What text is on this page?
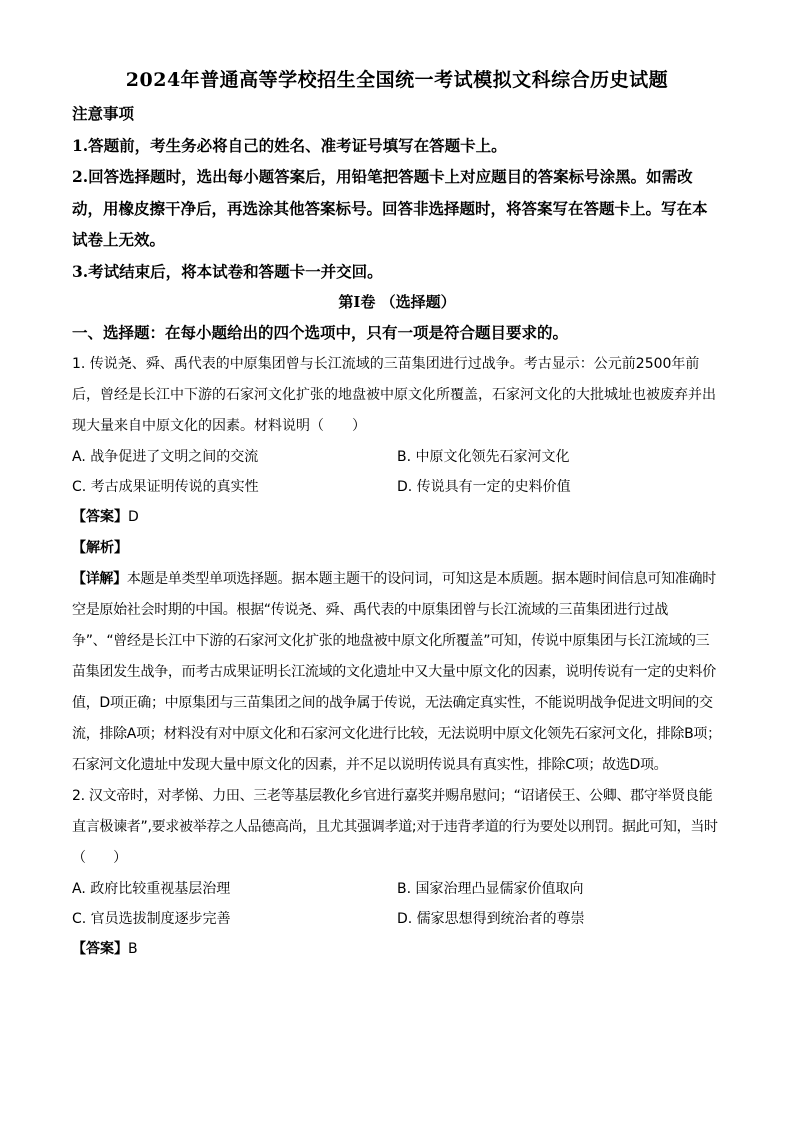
2024年普通高等学校招生全国统一考试模拟文科综合历史试题
注意事项
1.答题前，考生务必将自己的姓名、准考证号填写在答题卡上。
2.回答选择题时，选出每小题答案后，用铅笔把答题卡上对应题目的答案标号涂黑。如需改动，用橡皮擦干净后，再选涂其他答案标号。回答非选择题时，将答案写在答题卡上。写在本试卷上无效。
3.考试结束后，将本试卷和答题卡一并交回。
第Ⅰ卷 （选择题）
一、选择题：在每小题给出的四个选项中，只有一项是符合题目要求的。
1. 传说尧、舜、禹代表的中原集团曾与长江流域的三苗集团进行过战争。考古显示：公元前2500年前后，曾经是长江中下游的石家河文化扩张的地盘被中原文化所覆盖，石家河文化的大批城址也被废弃并出现大量来自中原文化的因素。材料说明（　　）
A. 战争促进了文明之间的交流	B. 中原文化领先石家河文化
C. 考古成果证明传说的真实性	D. 传说具有一定的史料价值
【答案】D
【解析】
【详解】本题是单类型单项选择题。据本题主题干的设问词，可知这是本质题。据本题时间信息可知准确时空是原始社会时期的中国。根据“传说尧、舜、禹代表的中原集团曾与长江流域的三苗集团进行过战争”、“曾经是长江中下游的石家河文化扩张的地盘被中原文化所覆盖”可知，传说中原集团与长江流域的三苗集团发生战争，而考古成果证明长江流域的文化遗址中又大量中原文化的因素，说明传说有一定的史料价值，D项正确；中原集团与三苗集团之间的战争属于传说，无法确定真实性，不能说明战争促进文明间的交流，排除A项；材料没有对中原文化和石家河文化进行比较，无法说明中原文化领先石家河文化，排除B项；石家河文化遗址中发现大量中原文化的因素，并不足以说明传说具有真实性，排除C项；故选D项。
2. 汉文帝时，对孝悌、力田、三老等基层教化乡官进行嘉奖并赐帛慰问；“诏诸侯王、公卿、郡守举贤良能直言极谏者”,要求被举荐之人品德高尚，且尤其强调孝道;对于违背孝道的行为要处以刑罚。据此可知，当时（　　）
A. 政府比较重视基层治理	B. 国家治理凸显儒家价值取向
C. 官员选拔制度逐步完善	D. 儒家思想得到统治者的尊崇
【答案】B
